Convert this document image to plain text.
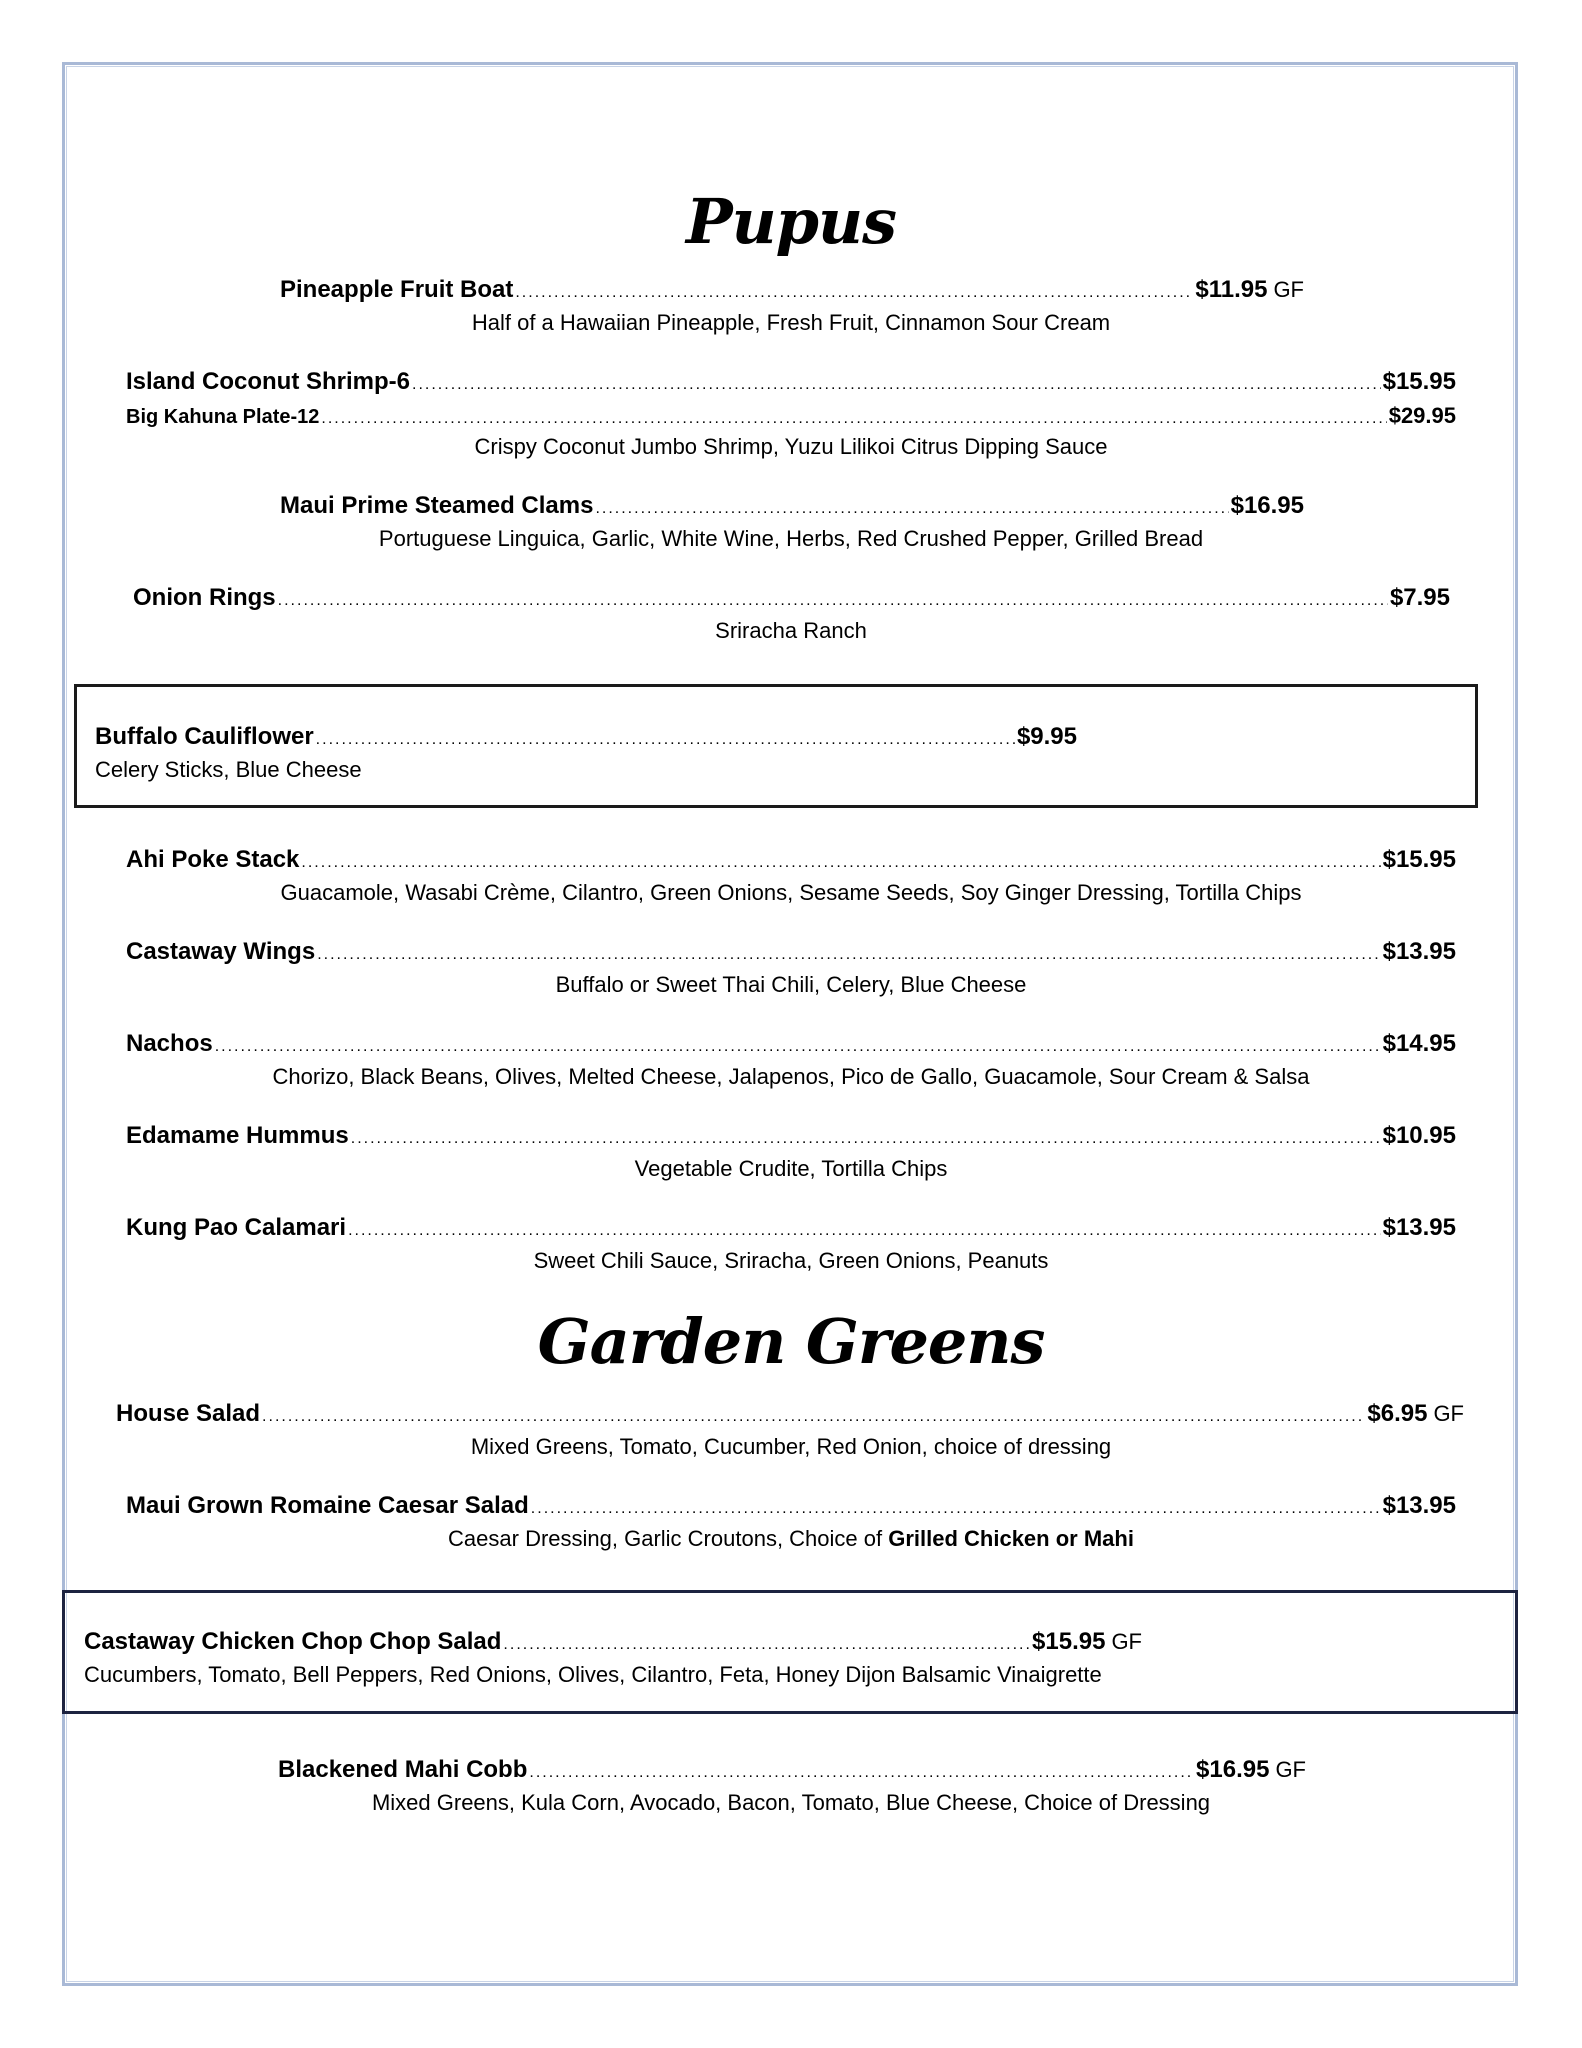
Pupus
Pineapple Fruit Boat .....	$11.95 GF
Half of a Hawaiian Pineapple, Fresh Fruit, Cinnamon Sour Cream
Island Coconut Shrimp-6 .....	$15.95
Big Kahuna Plate-12 .....	$29.95
Crispy Coconut Jumbo Shrimp, Yuzu Lilikoi Citrus Dipping Sauce
Maui Prime Steamed Clams .....	$16.95
Portuguese Linguica, Garlic, White Wine, Herbs, Red Crushed Pepper, Grilled Bread
Onion Rings .....	$7.95
Sriracha Ranch
Buffalo Cauliflower .....	$9.95
Celery Sticks, Blue Cheese
Ahi Poke Stack .....	$15.95
Guacamole, Wasabi Crème, Cilantro, Green Onions, Sesame Seeds, Soy Ginger Dressing, Tortilla Chips
Castaway Wings .....	$13.95
Buffalo or Sweet Thai Chili, Celery, Blue Cheese
Nachos .....	$14.95
Chorizo, Black Beans, Olives, Melted Cheese, Jalapenos, Pico de Gallo, Guacamole, Sour Cream & Salsa
Edamame Hummus .....	$10.95
Vegetable Crudite, Tortilla Chips
Kung Pao Calamari .....	$13.95
Sweet Chili Sauce, Sriracha, Green Onions, Peanuts
Garden Greens
House Salad .....	$6.95 GF
Mixed Greens, Tomato, Cucumber, Red Onion, choice of dressing
Maui Grown Romaine Caesar Salad .....	$13.95
Caesar Dressing, Garlic Croutons, Choice of Grilled Chicken or Mahi
Castaway Chicken Chop Chop Salad .....	$15.95 GF
Cucumbers, Tomato, Bell Peppers, Red Onions, Olives, Cilantro, Feta, Honey Dijon Balsamic Vinaigrette
Blackened Mahi Cobb .....	$16.95 GF
Mixed Greens, Kula Corn, Avocado, Bacon, Tomato, Blue Cheese, Choice of Dressing
